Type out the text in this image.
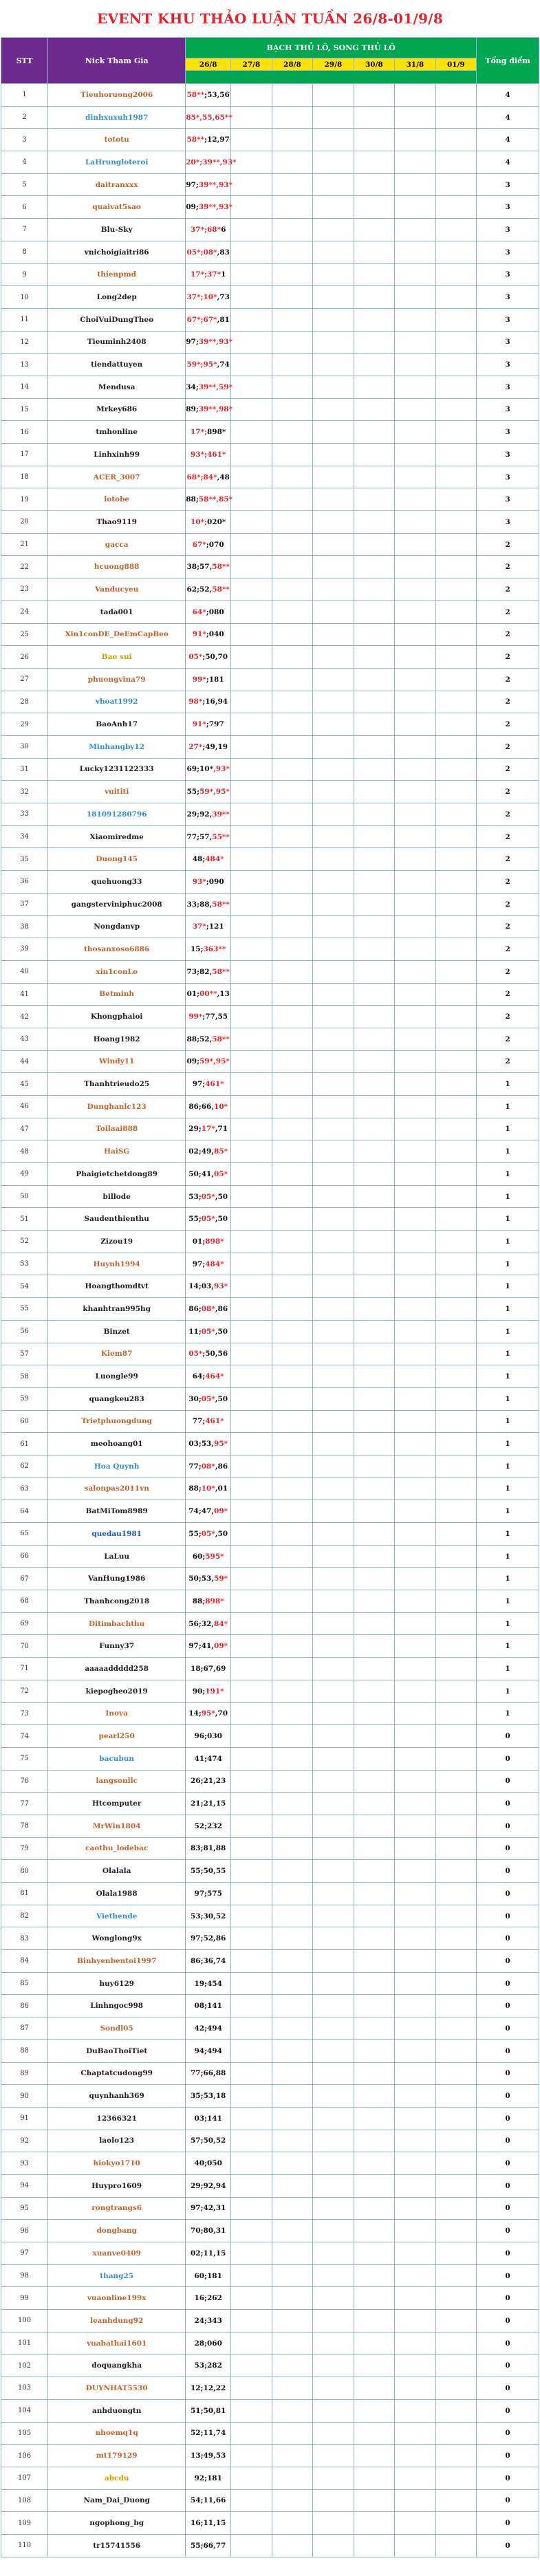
EVENT KHU THẢO LUẬN TUẦN 26/8-01/9/8
STT	Nick Tham Gia	BẠCH THỦ LÔ, SONG THỦ LÔ							Tổng điểm
		26/8	27/8	28/8	29/8	30/8	31/8	01/9	

1	Tieuhoruong2006	58**;53,56							4
2	dinhxuxuh1987	85*,55,65**							4
3	tototu	58**;12,97							4
4	LaHrungloteroi	20*;39**,93*							4
5	daitranxxx	97;39**,93*							3
6	quaivat5sao	09;39**,93*							3
7	Blu-Sky	37*;68*6							3
8	vnichoigiaitri86	05*;08*,83							3
9	thienpmd	17*;37*1							3
10	Long2dep	37*;10*,73							3
11	ChoiVuiDungTheo	67*;67*,81							3
12	Tieuminh2408	97;39**,93*							3
13	tiendattuyen	59*;95*,74							3
14	Mendusa	34;39**,59*							3
15	Mrkey686	89;39**,98*							3
16	tmhonline	17*;898*							3
17	Linhxinh99	93*;461*							3
18	ACER_3007	68*;84*,48							3
19	lotobe	88;58**,85*							3
20	Thao9119	10*;020*							3
21	gacca	67*;070							2
22	hcuong888	38;57,58**							2
23	Vanducyeu	62;52,58**							2
24	tada001	64*;080							2
25	Xin1conDE_DeEmCapBeo	91*;040							2
26	Bao sui	05*;50,70							2
27	phuongvina79	99*;181							2
28	vhoat1992	98*;16,94							2
29	BaoAnh17	91*;797							2
30	Minhangby12	27*;49,19							2
31	Lucky1231122333	69;10*,93*							2
32	vuititi	55;59*,95*							2
33	181091280796	29;92,39**							2
34	Xiaomiredme	77;57,55**							2
35	Duong145	48;484*							2
36	quehuong33	93*;090							2
37	gangsterviniphuc2008	33;88,58**							2
38	Nongdanvp	37*;121							2
39	thosanxoso6886	15;363**							2
40	xin1conLo	73;82,58**							2
41	Betminh	01;00**,13							2
42	Khongphaioi	99*;77,55							2
43	Hoang1982	88;52,58**							2
44	Windy11	09;59*,95*							2
45	Thanhtrieudo25	97;461*							1
46	Dunghanlc123	86;66,10*							1
47	Toilaai888	29;17*,71							1
48	HaiSG	02;49,85*							1
49	Phaigietchetdong89	50;41,05*							1
50	billode	53;05*,50							1
51	Saudenthienthu	55;05*,50							1
52	Zizou19	01;898*							1
53	Huynh1994	97;484*							1
54	Hoangthomdtvt	14;03,93*							1
55	khanhtran995hg	86;08*,86							1
56	Binzet	11;05*,50							1
57	Kiem87	05*;50,56							1
58	Luongle99	64;464*							1
59	quangkeu283	30;05*,50							1
60	Trietphuongdung	77;461*							1
61	meohoang01	03;53,95*							1
62	Hoa Quynh	77;08*,86							1
63	salonpas2011vn	88;10*,01							1
64	BatMiTom8989	74;47,09*							1
65	quedau1981	55;05*,50							1
66	LaLuu	60;595*							1
67	VanHung1986	50;53,59*							1
68	Thanhcong2018	88;898*							1
69	Ditimbachthu	56;32,84*							1
70	Funny37	97;41,09*							1
71	aaaaaddddd258	18;67,69							1
72	kiepogheo2019	90;191*							1
73	Inova	14;95*,70							1
74	pearl250	96;030							0
75	bacubun	41;474							0
76	langsonllc	26;21,23							0
77	Htcomputer	21;21,15							0
78	MrWin1804	52;232							0
79	caothu_lodebac	83;81,88							0
80	Olalala	55;50,55							0
81	Olala1988	97;575							0
82	Viethende	53;30,52							0
83	Wonglong9x	97;52,86							0
84	Binhyenbentoi1997	86;36,74							0
85	huy6129	19;454							0
86	Linhngoc998	08;141							0
87	Sondl05	42;494							0
88	DuBaoThoiTiet	94;494							0
89	Chaptatcudong99	77;66,88							0
90	quynhanh369	35;53,18							0
91	12366321	03;141							0
92	laolo123	57;50,52							0
93	hiokyo1710	40;050							0
94	Huypro1609	29;92,94							0
95	rongtrangs6	97;42,31							0
96	dongbang	70;80,31							0
97	xuanve0409	02;11,15							0
98	thang25	60;181							0
99	vuaonline199x	16;262							0
100	leanhdung92	24;343							0
101	vuabathai1601	28;060							0
102	doquangkha	53;282							0
103	DUYNHAT5530	12;12,22							0
104	anhduongtn	51;50,81							0
105	nhoemq1q	52;11,74							0
106	mt179129	13;49,53							0
107	abcdu	92;181							0
108	Nam_Dai_Duong	54;11,66							0
109	ngophong_bg	16;11,15							0
110	tr15741556	55;66,77							0
